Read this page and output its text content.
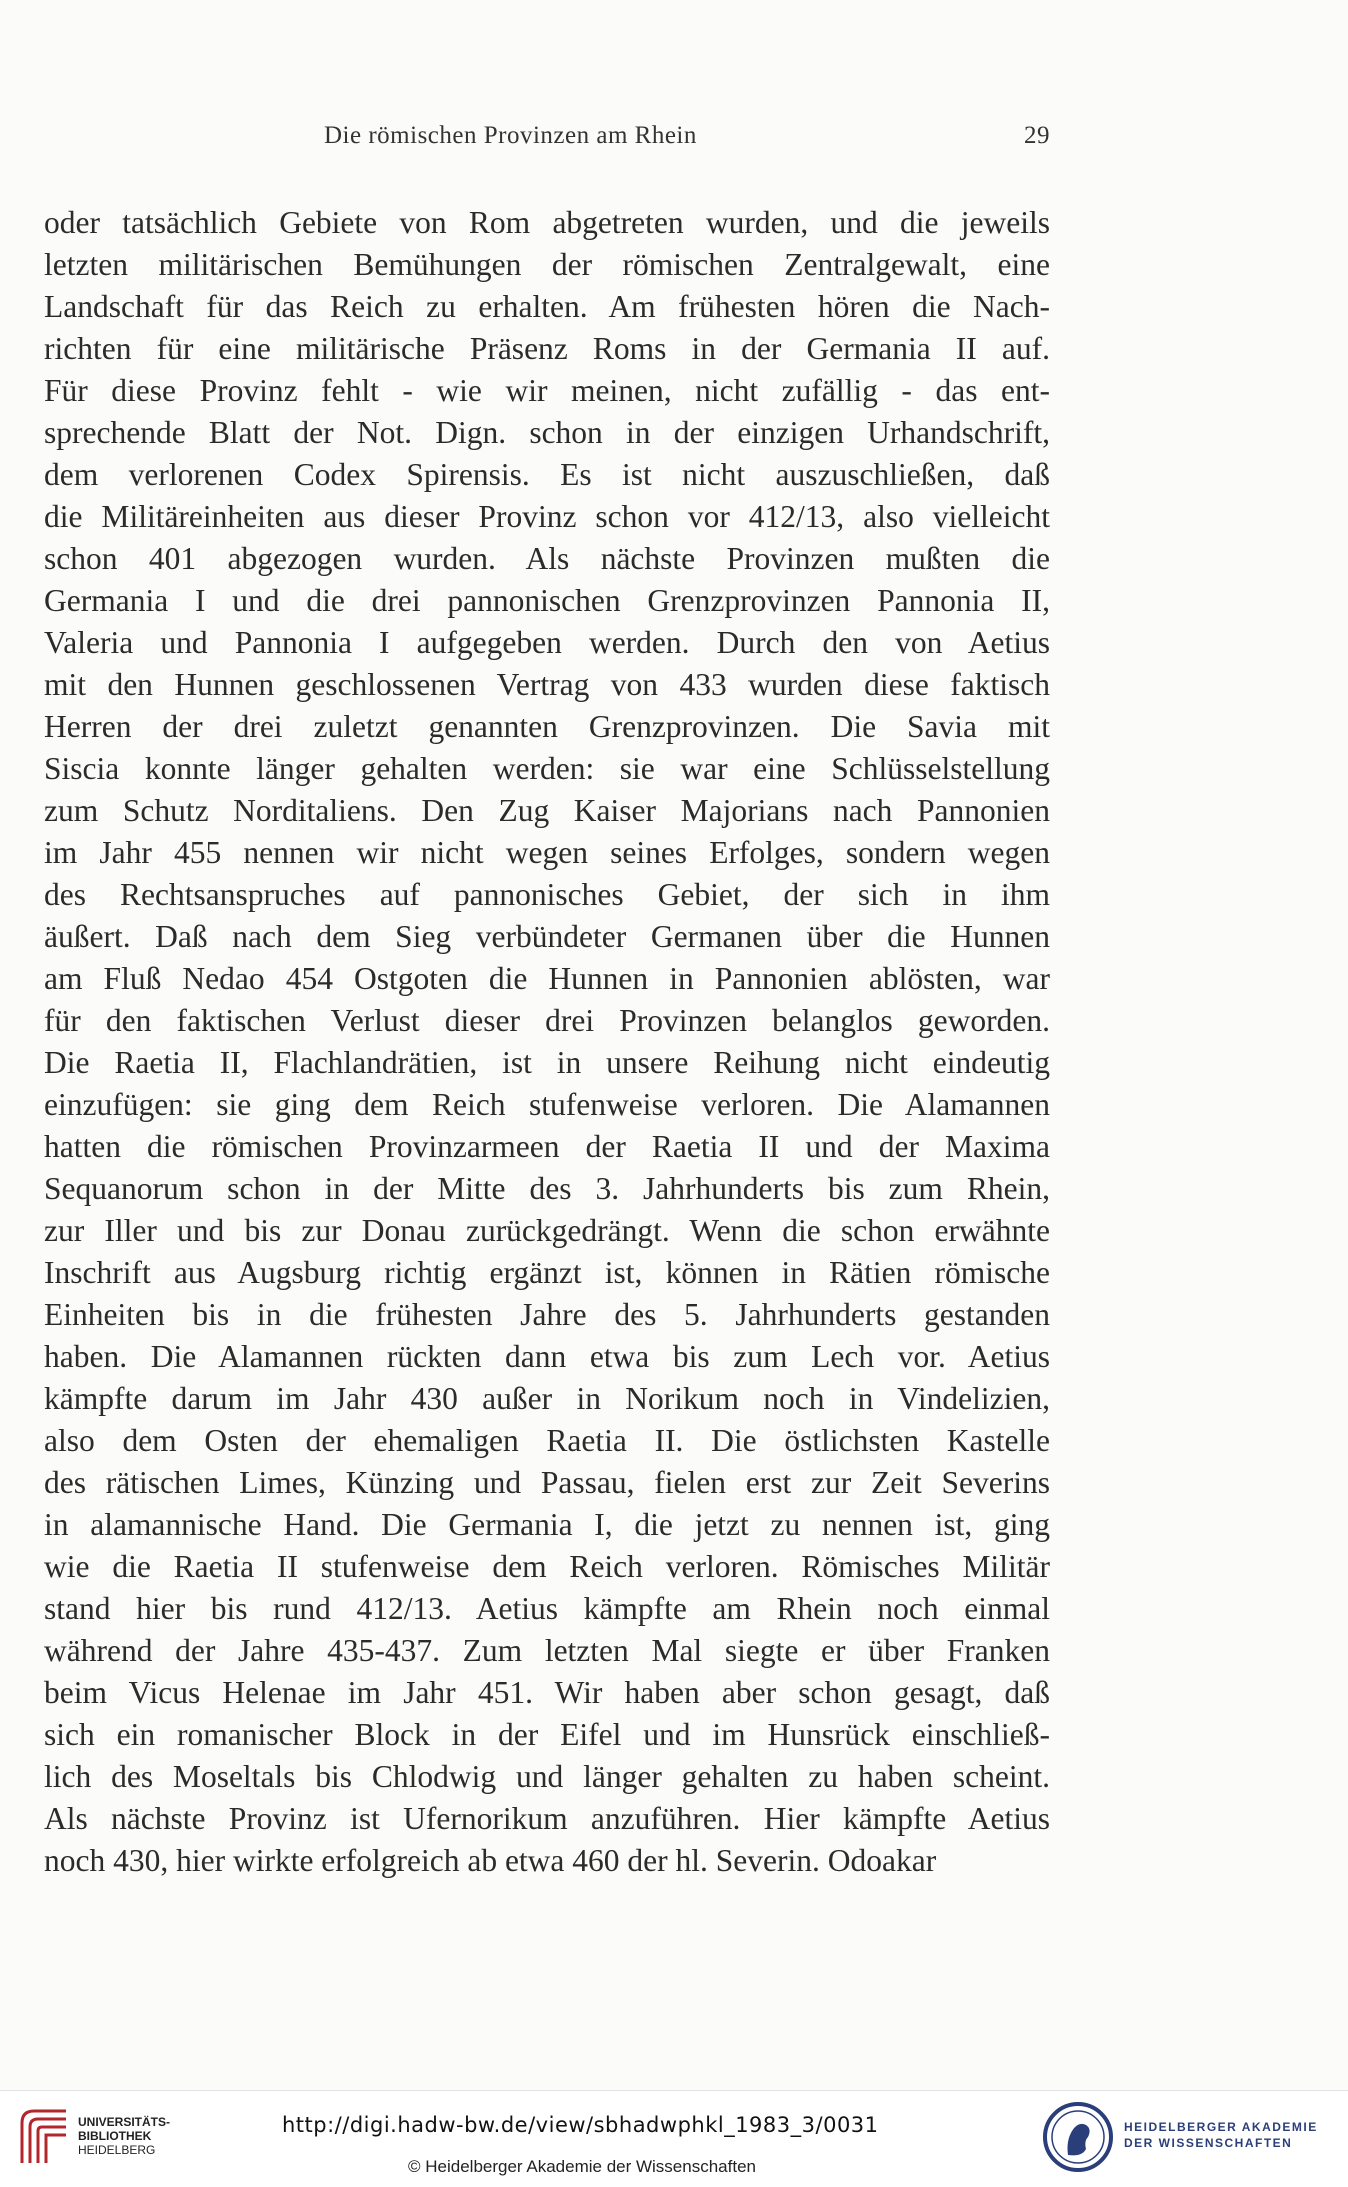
Die römischen Provinzen am Rhein	29
oder tatsächlich Gebiete von Rom abgetreten wurden, und die jeweils
letzten militärischen Bemühungen der römischen Zentralgewalt, eine
Landschaft für das Reich zu erhalten. Am frühesten hören die Nach-
richten für eine militärische Präsenz Roms in der Germania II auf.
Für diese Provinz fehlt - wie wir meinen, nicht zufällig - das ent-
sprechende Blatt der Not. Dign. schon in der einzigen Urhandschrift,
dem verlorenen Codex Spirensis. Es ist nicht auszuschließen, daß
die Militäreinheiten aus dieser Provinz schon vor 412/13, also vielleicht
schon 401 abgezogen wurden. Als nächste Provinzen mußten die
Germania I und die drei pannonischen Grenzprovinzen Pannonia II,
Valeria und Pannonia I aufgegeben werden. Durch den von Aetius
mit den Hunnen geschlossenen Vertrag von 433 wurden diese faktisch
Herren der drei zuletzt genannten Grenzprovinzen. Die Savia mit
Siscia konnte länger gehalten werden: sie war eine Schlüsselstellung
zum Schutz Norditaliens. Den Zug Kaiser Majorians nach Pannonien
im Jahr 455 nennen wir nicht wegen seines Erfolges, sondern wegen
des Rechtsanspruches auf pannonisches Gebiet, der sich in ihm
äußert. Daß nach dem Sieg verbündeter Germanen über die Hunnen
am Fluß Nedao 454 Ostgoten die Hunnen in Pannonien ablösten, war
für den faktischen Verlust dieser drei Provinzen belanglos geworden.
Die Raetia II, Flachlandrätien, ist in unsere Reihung nicht eindeutig
einzufügen: sie ging dem Reich stufenweise verloren. Die Alamannen
hatten die römischen Provinzarmeen der Raetia II und der Maxima
Sequanorum schon in der Mitte des 3. Jahrhunderts bis zum Rhein,
zur Iller und bis zur Donau zurückgedrängt. Wenn die schon erwähnte
Inschrift aus Augsburg richtig ergänzt ist, können in Rätien römische
Einheiten bis in die frühesten Jahre des 5. Jahrhunderts gestanden
haben. Die Alamannen rückten dann etwa bis zum Lech vor. Aetius
kämpfte darum im Jahr 430 außer in Norikum noch in Vindelizien,
also dem Osten der ehemaligen Raetia II. Die östlichsten Kastelle
des rätischen Limes, Künzing und Passau, fielen erst zur Zeit Severins
in alamannische Hand. Die Germania I, die jetzt zu nennen ist, ging
wie die Raetia II stufenweise dem Reich verloren. Römisches Militär
stand hier bis rund 412/13. Aetius kämpfte am Rhein noch einmal
während der Jahre 435-437. Zum letzten Mal siegte er über Franken
beim Vicus Helenae im Jahr 451. Wir haben aber schon gesagt, daß
sich ein romanischer Block in der Eifel und im Hunsrück einschließ-
lich des Moseltals bis Chlodwig und länger gehalten zu haben scheint.
Als nächste Provinz ist Ufernorikum anzuführen. Hier kämpfte Aetius
noch 430, hier wirkte erfolgreich ab etwa 460 der hl. Severin. Odoakar
UNIVERSITÄTS-
BIBLIOTHEK
HEIDELBERG
http://digi.hadw-bw.de/view/sbhadwphkl_1983_3/0031
© Heidelberger Akademie der Wissenschaften
HEIDELBERGER AKADEMIE
DER WISSENSCHAFTEN
